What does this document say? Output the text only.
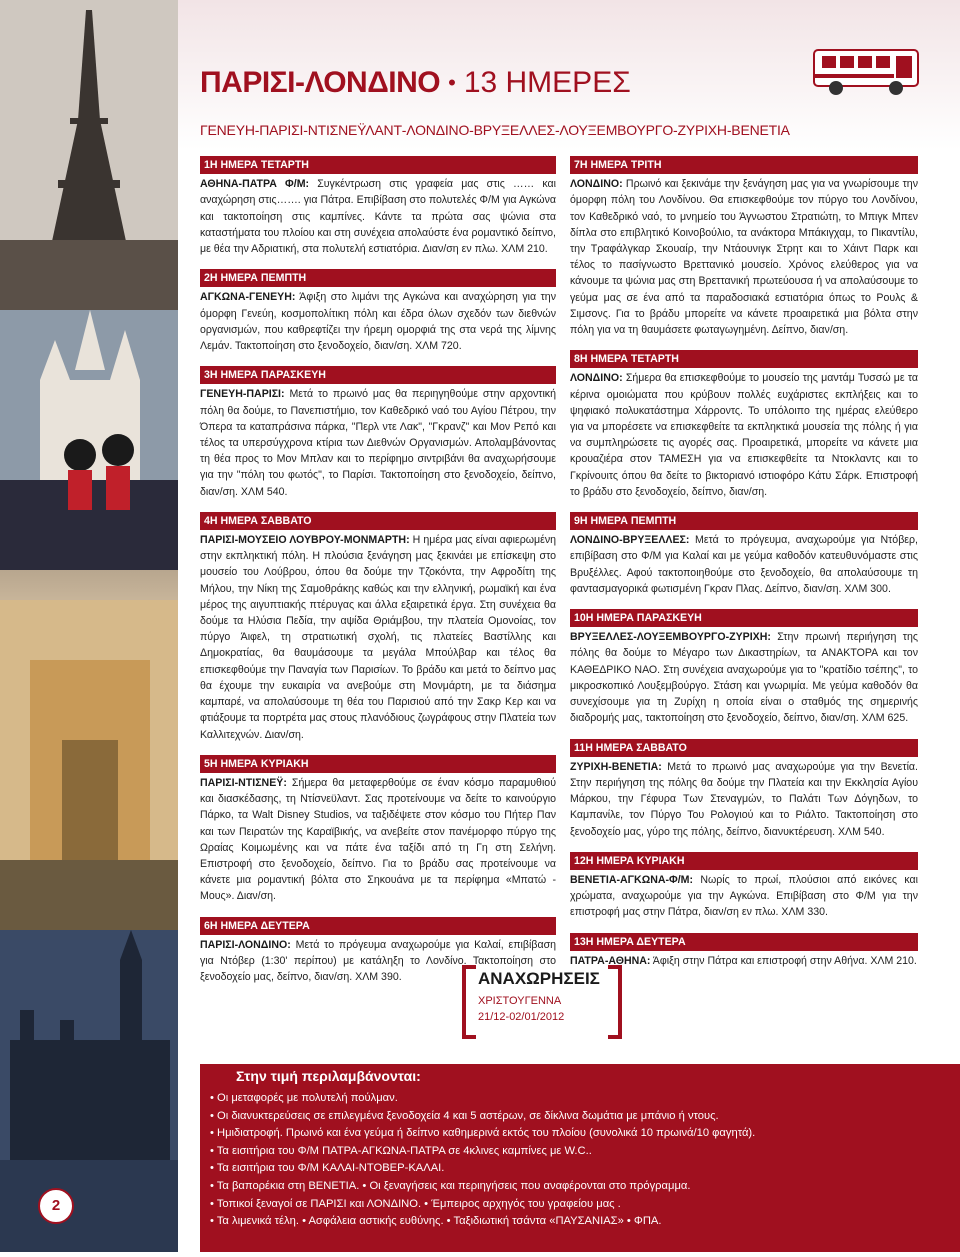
ΠΑΡΙΣΙ-ΛΟΝΔΙΝΟ • 13 ΗΜΕΡΕΣ
ΓΕΝΕΥΗ-ΠΑΡΙΣΙ-ΝΤΙΣΝΕΫΛΑΝΤ-ΛΟΝΔΙΝΟ-ΒΡΥΞΕΛΛΕΣ-ΛΟΥΞΕΜΒΟΥΡΓΟ-ΖΥΡΙΧΗ-ΒΕΝΕΤΙΑ
1Η ΗΜΕΡΑ ΤΕΤΑΡΤΗ

ΑΘΗΝΑ-ΠΑΤΡΑ Φ/Μ: Συγκέντρωση στις γραφεία μας στις …… και αναχώρηση στις……. για Πάτρα. Επιβίβαση στο πολυτελές Φ/Μ για Αγκώνα και τακτοποίηση στις καμπίνες. Κάντε τα πρώτα σας ψώνια στα καταστήματα του πλοίου και στη συνέχεια απολαύστε ένα ρομαντικό δείπνο, με θέα την Αδριατική, στα πολυτελή εστιατόρια. Διαν/ση εν πλω. ΧΛΜ 210.

2Η ΗΜΕΡΑ ΠΕΜΠΤΗ

ΑΓΚΩΝΑ-ΓΕΝΕΥΗ: Άφιξη στο λιμάνι της Αγκώνα και αναχώρηση για την όμορφη Γενεύη, κοσμοπολίτικη πόλη και έδρα όλων σχεδόν των διεθνών οργανισμών, που καθρεφτίζει την ήρεμη ομορφιά της στα νερά της λίμνης Λεμάν. Τακτοποίηση στο ξενοδοχείο, διαν/ση. ΧΛΜ 720.

3Η ΗΜΕΡΑ ΠΑΡΑΣΚΕΥΗ

ΓΕΝΕΥΗ-ΠΑΡΙΣΙ: Μετά το πρωινό μας θα περιηγηθούμε στην αρχοντική πόλη θα δούμε, το Πανεπιστήμιο, τον Καθεδρικό ναό του Αγίου Πέτρου, την Όπερα τα καταπράσινα πάρκα, "Περλ ντε Λακ", "Γκρανζ" και Μον Ρεπό και τέλος τα υπερσύγχρονα κτίρια των Διεθνών Οργανισμών. Απολαμβάνοντας τη θέα προς το Μον Μπλαν και το περίφημο σιντριβάνι θα αναχωρήσουμε για την "πόλη του φωτός", το Παρίσι. Τακτοποίηση στο ξενοδοχείο, δείπνο, διαν/ση. ΧΛΜ 540.

4Η ΗΜΕΡΑ ΣΑΒΒΑΤΟ

ΠΑΡΙΣΙ-ΜΟΥΣΕΙΟ ΛΟΥΒΡΟΥ-ΜΟΝΜΑΡΤΗ: Η ημέρα μας είναι αφιερωμένη στην εκπληκτική πόλη. Η πλούσια ξενάγηση μας ξεκινάει με επίσκεψη στο μουσείο του Λούβρου, όπου θα δούμε την Τζοκόντα, την Αφροδίτη της Μήλου, την Νίκη της Σαμοθράκης καθώς και την ελληνική, ρωμαϊκή και ένα μέρος της αιγυπτιακής πτέρυγας και άλλα εξαιρετικά έργα. Στη συνέχεια θα δούμε τα Ηλύσια Πεδία, την αψίδα Θριάμβου, την πλατεία Ομονοίας, τον πύργο Άιφελ, τη στρατιωτική σχολή, τις πλατείες Βαστίλλης και Δημοκρατίας, θα θαυμάσουμε τα μεγάλα Μπούλβαρ και τέλος θα επισκεφθούμε την Παναγία των Παρισίων. Το βράδυ και μετά το δείπνο μας θα έχουμε την ευκαιρία να ανεβούμε στη Μονμάρτη, με τα διάσημα καμπαρέ, να απολαύσουμε τη θέα του Παρισιού από την Σακρ Κερ και να φτιάξουμε τα πορτρέτα μας στους πλανόδιους ζωγράφους στην Πλατεία των Καλλιτεχνών. Διαν/ση.

5Η ΗΜΕΡΑ ΚΥΡΙΑΚΗ

ΠΑΡΙΣΙ-ΝΤΙΣΝΕΫ: Σήμερα θα μεταφερθούμε σε έναν κόσμο παραμυθιού και διασκέδασης, τη Ντίσνεϋλαντ. Σας προτείνουμε να δείτε το καινούργιο Πάρκο, τα Walt Disney Studios, να ταξιδέψετε στον κόσμο του Πήτερ Παν και των Πειρατών της Καραϊβικής, να ανεβείτε στον πανέμορφο πύργο της Ωραίας Κοιμωμένης και να πάτε ένα ταξίδι από τη Γη στη Σελήνη. Επιστροφή στο ξενοδοχείο, δείπνο. Για το βράδυ σας προτείνουμε να κάνετε μια ρομαντική βόλτα στο Σηκουάνα με τα περίφημα «Μπατώ - Μους». Διαν/ση.

6Η ΗΜΕΡΑ ΔΕΥΤΕΡΑ

ΠΑΡΙΣΙ-ΛΟΝΔΙΝΟ: Μετά το πρόγευμα αναχωρούμε για Καλαί, επιβίβαση για Ντόβερ (1:30' περίπου) με κατάληξη το Λονδίνο. Τακτοποίηση στο ξενοδοχείο μας, δείπνο, διαν/ση. ΧΛΜ 390.

7Η ΗΜΕΡΑ ΤΡΙΤΗ

ΛΟΝΔΙΝΟ: Πρωινό και ξεκινάμε την ξενάγηση μας για να γνωρίσουμε την όμορφη πόλη του Λονδίνου. Θα επισκεφθούμε τον πύργο του Λονδίνου, τον Καθεδρικό ναό, το μνημείο του Άγνωστου Στρατιώτη, το Μπιγκ Μπεν δίπλα στο επιβλητικό Κοινοβούλιο, τα ανάκτορα Μπάκιγχαμ, το Πικαντίλυ, την Τραφάλγκαρ Σκουαίρ, την Ντάουνιγκ Στρητ και το Χάιντ Παρκ και τέλος το πασίγνωστο Βρεττανικό μουσείο. Χρόνος ελεύθερος για να κάνουμε τα ψώνια μας στη Βρεττανική πρωτεύουσα ή να απολαύσουμε το γεύμα μας σε ένα από τα παραδοσιακά εστιατόρια όπως το Ρουλς & Σιμσονς. Για το βράδυ μπορείτε να κάνετε προαιρετικά μια βόλτα στην πόλη για να τη θαυμάσετε φωταγωγημένη. Δείπνο, διαν/ση.

8Η ΗΜΕΡΑ ΤΕΤΑΡΤΗ

ΛΟΝΔΙΝΟ: Σήμερα θα επισκεφθούμε το μουσείο της μαντάμ Τυσσώ με τα κέρινα ομοιώματα που κρύβουν πολλές ευχάριστες εκπλήξεις και το ψηφιακό πολυκατάστημα Χάρροντς. Το υπόλοιπο της ημέρας ελεύθερο για να μπορέσετε να επισκεφθείτε τα εκπληκτικά μουσεία της πόλης ή για να συμπληρώσετε τις αγορές σας. Προαιρετικά, μπορείτε να κάνετε μια κρουαζιέρα στον ΤΑΜΕΣΗ για να επισκεφθείτε τα Ντοκλαντς και το Γκρίνουιτς όπου θα δείτε το βικτοριανό ιστιοφόρο Κάτυ Σάρκ. Επιστροφή το βράδυ στο ξενοδοχείο, δείπνο, διαν/ση.

9Η ΗΜΕΡΑ ΠΕΜΠΤΗ

ΛΟΝΔΙΝΟ-ΒΡΥΞΕΛΛΕΣ: Μετά το πρόγευμα, αναχωρούμε για Ντόβερ, επιβίβαση στο Φ/Μ για Καλαί και με γεύμα καθοδόν κατευθυνόμαστε στις Βρυξέλλες. Αφού τακτοποιηθούμε στο ξενοδοχείο, θα απολαύσουμε τη φαντασμαγορικά φωτισμένη Γκραν Πλας. Δείπνο, διαν/ση. ΧΛΜ 300.

10Η ΗΜΕΡΑ ΠΑΡΑΣΚΕΥΗ

ΒΡΥΞΕΛΛΕΣ-ΛΟΥΞΕΜΒΟΥΡΓΟ-ΖΥΡΙΧΗ: Στην πρωινή περιήγηση της πόλης θα δούμε το Μέγαρο των Δικαστηρίων, τα ΑΝΑΚΤΟΡΑ και τον ΚΑΘΕΔΡΙΚΟ ΝΑΟ. Στη συνέχεια αναχωρούμε για το "κρατίδιο τσέπης", το μικροσκοπικό Λουξεμβούργο. Στάση και γνωριμία. Με γεύμα καθοδόν θα συνεχίσουμε για τη Ζυρίχη η οποία είναι ο σταθμός της σημερινής διαδρομής μας, τακτοποίηση στο ξενοδοχείο, δείπνο, διαν/ση. ΧΛΜ 625.

11Η ΗΜΕΡΑ ΣΑΒΒΑΤΟ

ΖΥΡΙΧΗ-ΒΕΝΕΤΙΑ: Μετά το πρωινό μας αναχωρούμε για την Βενετία. Στην περιήγηση της πόλης θα δούμε την Πλατεία και την Εκκλησία Αγίου Μάρκου, την Γέφυρα Των Στεναγμών, το Παλάτι Των Δόγηδων, το Καμπανίλε, τον Πύργο Του Ρολογιού και το Ριάλτο. Τακτοποίηση στο ξενοδοχείο μας, γύρο της πόλης, δείπνο, διανυκτέρευση. ΧΛΜ 540.

12Η ΗΜΕΡΑ ΚΥΡΙΑΚΗ

ΒΕΝΕΤΙΑ-ΑΓΚΩΝΑ-Φ/Μ: Νωρίς το πρωί, πλούσιοι από εικόνες και χρώματα, αναχωρούμε για την Αγκώνα. Επιβίβαση στο Φ/Μ για την επιστροφή μας στην Πάτρα, διαν/ση εν πλω. ΧΛΜ 330.

13Η ΗΜΕΡΑ ΔΕΥΤΕΡΑ

ΠΑΤΡΑ-ΑΘΗΝΑ: Άφιξη στην Πάτρα και επιστροφή στην Αθήνα. ΧΛΜ 210.

ΑΝΑΧΩΡΗΣΕΙΣ
ΧΡΙΣΤΟΥΓΕΝΝΑ
21/12-02/01/2012
Στην τιμή περιλαμβάνονται:
• Οι μεταφορές με πολυτελή πούλμαν.
• Οι διανυκτερεύσεις σε επιλεγμένα ξενοδοχεία 4 και 5 αστέρων, σε δίκλινα δωμάτια με μπάνιο ή ντους.
• Ημιδιατροφή. Πρωινό και ένα γεύμα ή δείπνο καθημερινά εκτός του πλοίου (συνολικά 10 πρωινά/10 φαγητά).
• Τα εισιτήρια του Φ/Μ ΠΑΤΡΑ-ΑΓΚΩΝΑ-ΠΑΤΡΑ σε 4κλινες καμπίνες με W.C..
• Τα εισιτήρια του Φ/Μ ΚΑΛΑΙ-ΝΤΟΒΕΡ-ΚΑΛΑΙ.
• Τα βαπορέκια στη ΒΕΝΕΤΙΑ. • Οι ξεναγήσεις και περιηγήσεις που αναφέρονται στο πρόγραμμα.
• Τοπικοί ξεναγοί σε ΠΑΡΙΣΙ και ΛΟΝΔΙΝΟ. • Έμπειρος αρχηγός του γραφείου μας .
• Τα λιμενικά τέλη. • Ασφάλεια αστικής ευθύνης. • Ταξιδιωτική τσάντα «ΠΑΥΣΑΝΙΑΣ» • ΦΠΑ.
2
